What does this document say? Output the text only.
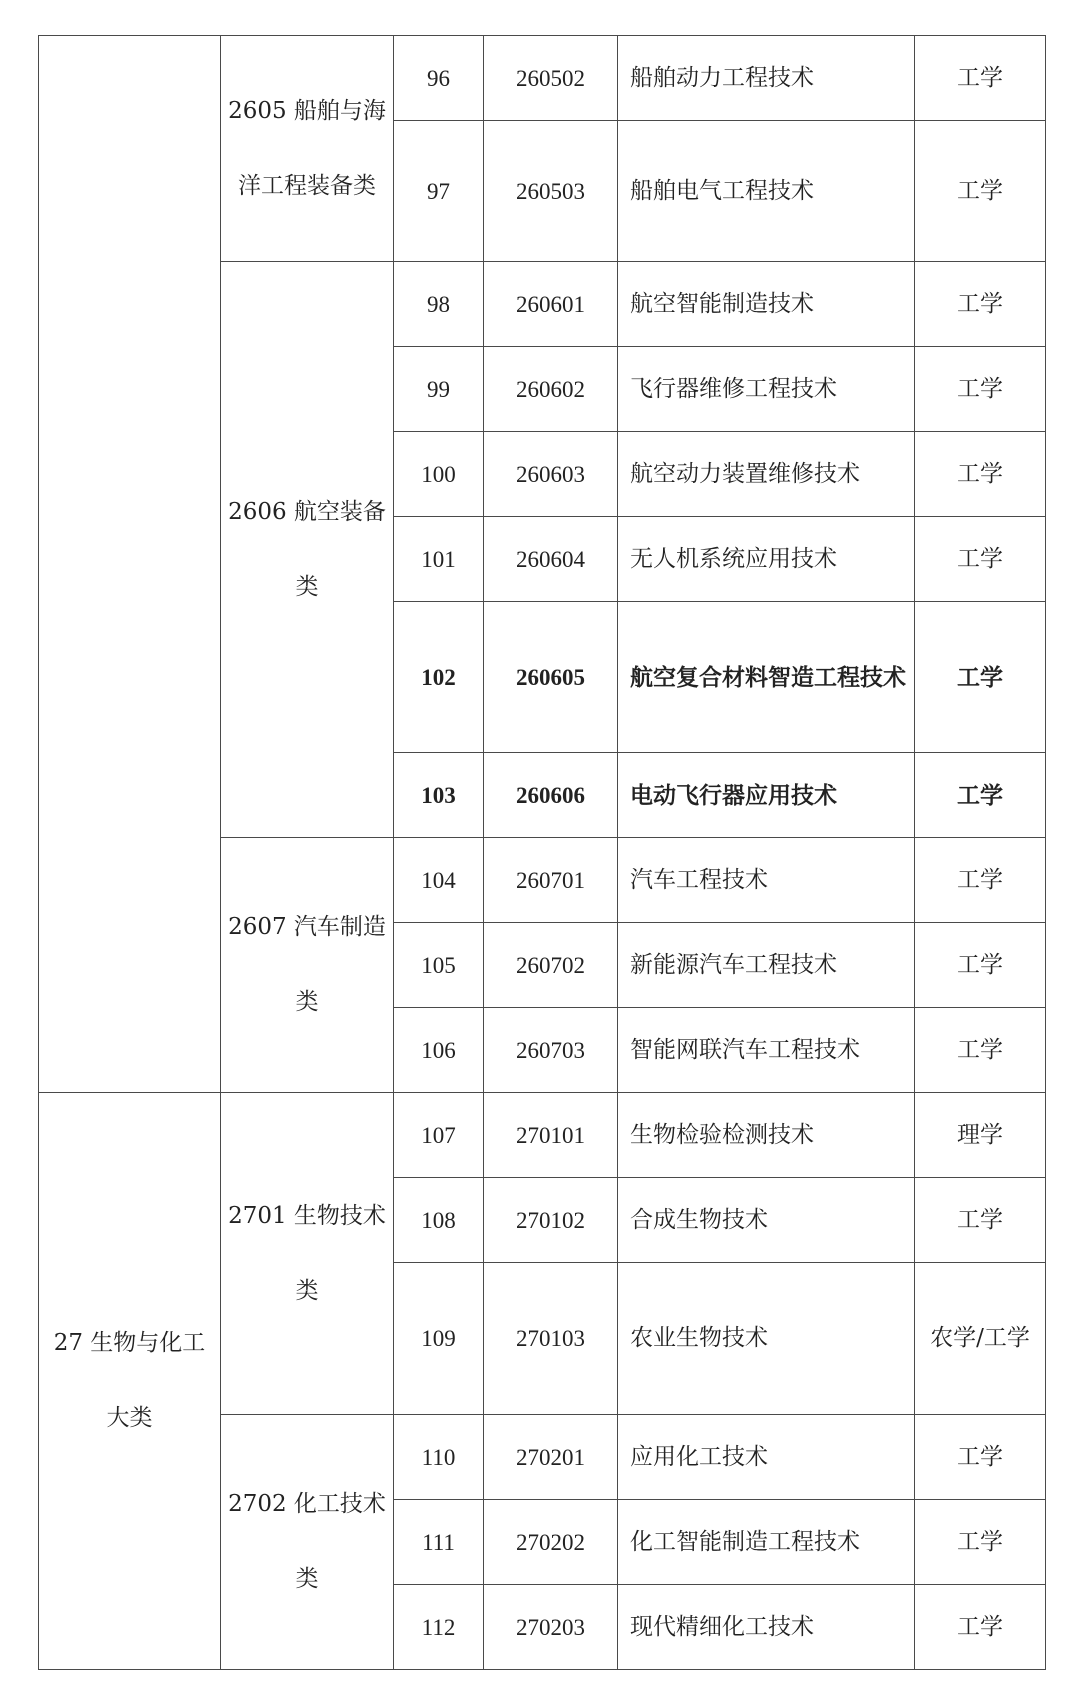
	2605 船舶与海洋工程装备类	96	260502	船舶动力工程技术	工学
		97	260503	船舶电气工程技术	工学
	2606 航空装备类	98	260601	航空智能制造技术	工学
		99	260602	飞行器维修工程技术	工学
		100	260603	航空动力装置维修技术	工学
		101	260604	无人机系统应用技术	工学
		102	260605	航空复合材料智造工程技术	工学
		103	260606	电动飞行器应用技术	工学
	2607 汽车制造类	104	260701	汽车工程技术	工学
		105	260702	新能源汽车工程技术	工学
		106	260703	智能网联汽车工程技术	工学
27 生物与化工大类	2701 生物技术类	107	270101	生物检验检测技术	理学
		108	270102	合成生物技术	工学
		109	270103	农业生物技术	农学/工学
	2702 化工技术类	110	270201	应用化工技术	工学
		111	270202	化工智能制造工程技术	工学
		112	270203	现代精细化工技术	工学
